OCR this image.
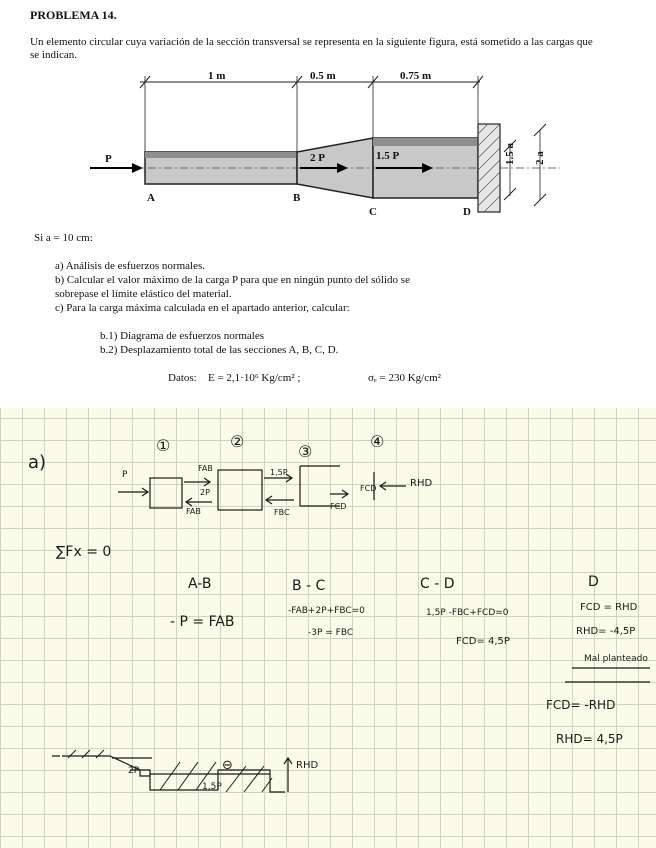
PROBLEMA 14.
Un elemento circular cuya variación de la sección transversal se representa en la siguiente figura, está sometido a las cargas que se indican.
1 m	0.5 m	0.75 m
P	2 P	1.5 P
A	B
C	D
1.5 a 2 a
Si a = 10 cm:
a) Análisis de esfuerzos normales.
b) Calcular el valor máximo de la carga P para que en ningún punto del sólido se
sobrepase el límite elástico del material.
c) Para la carga máxima calculada en el apartado anterior, calcular:
b.1) Diagrama de esfuerzos normales
b.2) Desplazamiento total de las secciones A, B, C, D.
Datos: E = 2,1·10⁶ Kg/cm² ;	σₑ = 230 Kg/cm²
a)
①	②
③
④
P
FAB
FAB
2P
1,5P
FBC
FCD
FCD	RHD
∑Fx = 0
A-B	B - C	C - D	D
- P = FAB
-FAB+2P+FBC=0
-3P = FBC
1,5P -FBC+FCD=0
FCD= 4,5P
FCD = RHD
RHD= -4,5P
Mal planteado
FCD= -RHD
RHD= 4,5P
2P
1,5P
⊖	RHD
